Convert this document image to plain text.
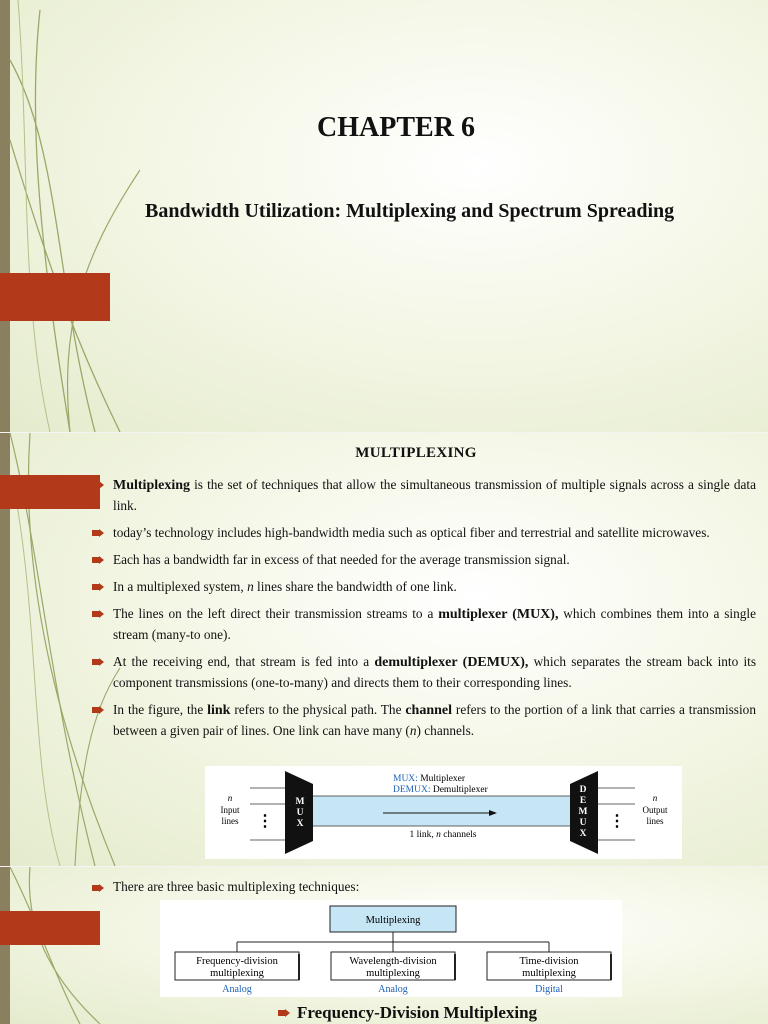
CHAPTER 6
Bandwidth Utilization: Multiplexing and Spectrum Spreading
MULTIPLEXING
Multiplexing is the set of techniques that allow the simultaneous transmission of multiple signals across a single data link.
today’s technology includes high-bandwidth media such as optical fiber and terrestrial and satellite microwaves.
Each has a bandwidth far in excess of that needed for the average transmission signal.
In a multiplexed system, n lines share the bandwidth of one link.
The lines on the left direct their transmission streams to a multiplexer (MUX), which combines them into a single stream (many-to one).
At the receiving end, that stream is fed into a demultiplexer (DEMUX), which separates the stream back into its component transmissions (one-to-many) and directs them to their corresponding lines.
In the figure, the link refers to the physical path. The channel refers to the portion of a link that carries a transmission between a given pair of lines. One link can have many (n) channels.
M
U
X
D
E
M
U
X
⋮	⋮
n
Input
lines
n
Output
lines
MUX: Multiplexer
DEMUX: Demultiplexer
1 link, n channels
There are three basic multiplexing techniques:
Multiplexing
Frequency-division
multiplexing
Analog
Wavelength-division
multiplexing
Analog
Time-division
multiplexing
Digital
Frequency-Division Multiplexing
